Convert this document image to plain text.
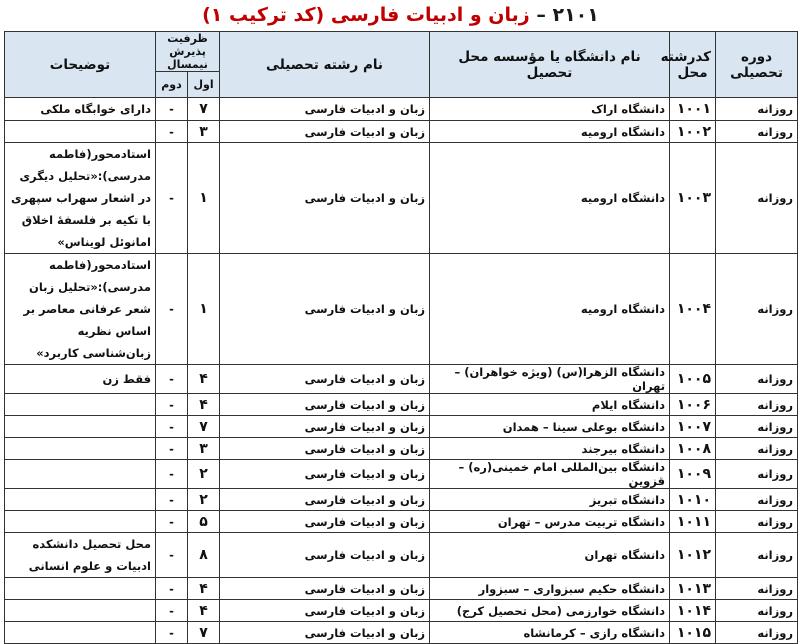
۲۱۰۱ – زبان و ادبیات فارسی (کد ترکیب ۱)
دوره تحصیلی	کدرشته محل	نام دانشگاه یا مؤسسه محل تحصیل	نام رشته تحصیلی	ظرفیت پذیرش نیمسال		توضیحات
				اول	دوم	
روزانه	۱۰۰۱	دانشگاه اراک	زبان و ادبیات فارسی	۷	-	دارای خوابگاه ملکی
روزانه	۱۰۰۲	دانشگاه ارومیه	زبان و ادبیات فارسی	۳	-	
روزانه	۱۰۰۳	دانشگاه ارومیه	زبان و ادبیات فارسی	۱	-	استادمحور(فاطمه مدرسی):«تحلیل دیگری در اشعار سهراب سپهری با تکیه بر فلسفهٔ اخلاق امانوئل لویناس»
روزانه	۱۰۰۴	دانشگاه ارومیه	زبان و ادبیات فارسی	۱	-	استادمحور(فاطمه مدرسی):«تحلیل زبان شعر عرفانی معاصر بر اساس نظریه زبان‌شناسی کاربرد»
روزانه	۱۰۰۵	دانشگاه الزهرا(س) (ویژه خواهران) – تهران	زبان و ادبیات فارسی	۴	-	فقط زن
روزانه	۱۰۰۶	دانشگاه ایلام	زبان و ادبیات فارسی	۴	-	
روزانه	۱۰۰۷	دانشگاه بوعلی سینا – همدان	زبان و ادبیات فارسی	۷	-	
روزانه	۱۰۰۸	دانشگاه بیرجند	زبان و ادبیات فارسی	۳	-	
روزانه	۱۰۰۹	دانشگاه بین‌المللی امام خمینی(ره) – قزوین	زبان و ادبیات فارسی	۲	-	
روزانه	۱۰۱۰	دانشگاه تبریز	زبان و ادبیات فارسی	۲	-	
روزانه	۱۰۱۱	دانشگاه تربیت مدرس – تهران	زبان و ادبیات فارسی	۵	-	
روزانه	۱۰۱۲	دانشگاه تهران	زبان و ادبیات فارسی	۸	-	محل تحصیل دانشکده ادبیات و علوم انسانی
روزانه	۱۰۱۳	دانشگاه حکیم سبزواری – سبزوار	زبان و ادبیات فارسی	۴	-	
روزانه	۱۰۱۴	دانشگاه خوارزمی (محل تحصیل کرج)	زبان و ادبیات فارسی	۴	-	
روزانه	۱۰۱۵	دانشگاه رازی – کرمانشاه	زبان و ادبیات فارسی	۷	-	
